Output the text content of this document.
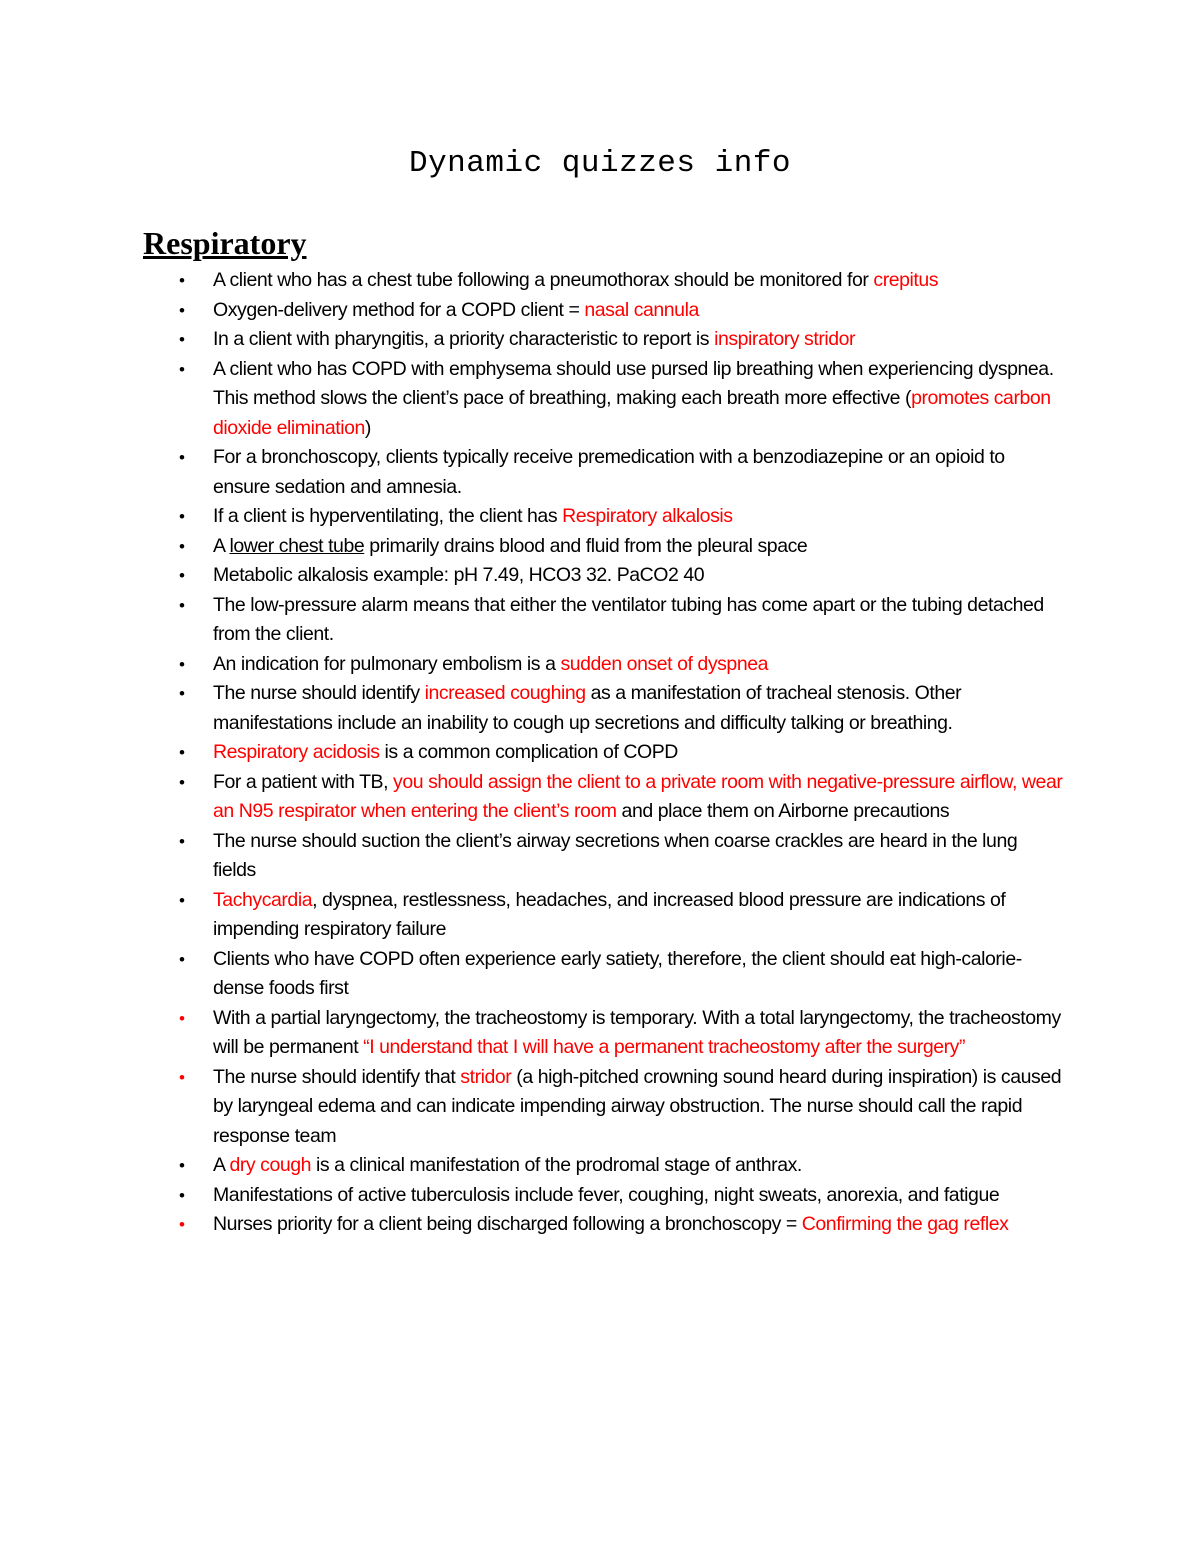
Dynamic quizzes info
Respiratory
• A client who has a chest tube following a pneumothorax should be monitored for crepitus
• Oxygen-delivery method for a COPD client = nasal cannula
• In a client with pharyngitis, a priority characteristic to report is inspiratory stridor
• A client who has COPD with emphysema should use pursed lip breathing when experiencing dyspnea. This method slows the client’s pace of breathing, making each breath more effective (promotes carbon dioxide elimination)
• For a bronchoscopy, clients typically receive premedication with a benzodiazepine or an opioid to ensure sedation and amnesia.
• If a client is hyperventilating, the client has Respiratory alkalosis
• A lower chest tube primarily drains blood and fluid from the pleural space
• Metabolic alkalosis example: pH 7.49, HCO3 32. PaCO2 40
• The low-pressure alarm means that either the ventilator tubing has come apart or the tubing detached from the client.
• An indication for pulmonary embolism is a sudden onset of dyspnea
• The nurse should identify increased coughing as a manifestation of tracheal stenosis. Other manifestations include an inability to cough up secretions and difficulty talking or breathing.
• Respiratory acidosis is a common complication of COPD
• For a patient with TB, you should assign the client to a private room with negative-pressure airflow, wear an N95 respirator when entering the client’s room and place them on Airborne precautions
• The nurse should suction the client’s airway secretions when coarse crackles are heard in the lung fields
• Tachycardia, dyspnea, restlessness, headaches, and increased blood pressure are indications of impending respiratory failure
• Clients who have COPD often experience early satiety, therefore, the client should eat high-calorie-dense foods first
• With a partial laryngectomy, the tracheostomy is temporary. With a total laryngectomy, the tracheostomy will be permanent “I understand that I will have a permanent tracheostomy after the surgery”
• The nurse should identify that stridor (a high-pitched crowning sound heard during inspiration) is caused by laryngeal edema and can indicate impending airway obstruction. The nurse should call the rapid response team
• A dry cough is a clinical manifestation of the prodromal stage of anthrax.
• Manifestations of active tuberculosis include fever, coughing, night sweats, anorexia, and fatigue
• Nurses priority for a client being discharged following a bronchoscopy = Confirming the gag reflex
